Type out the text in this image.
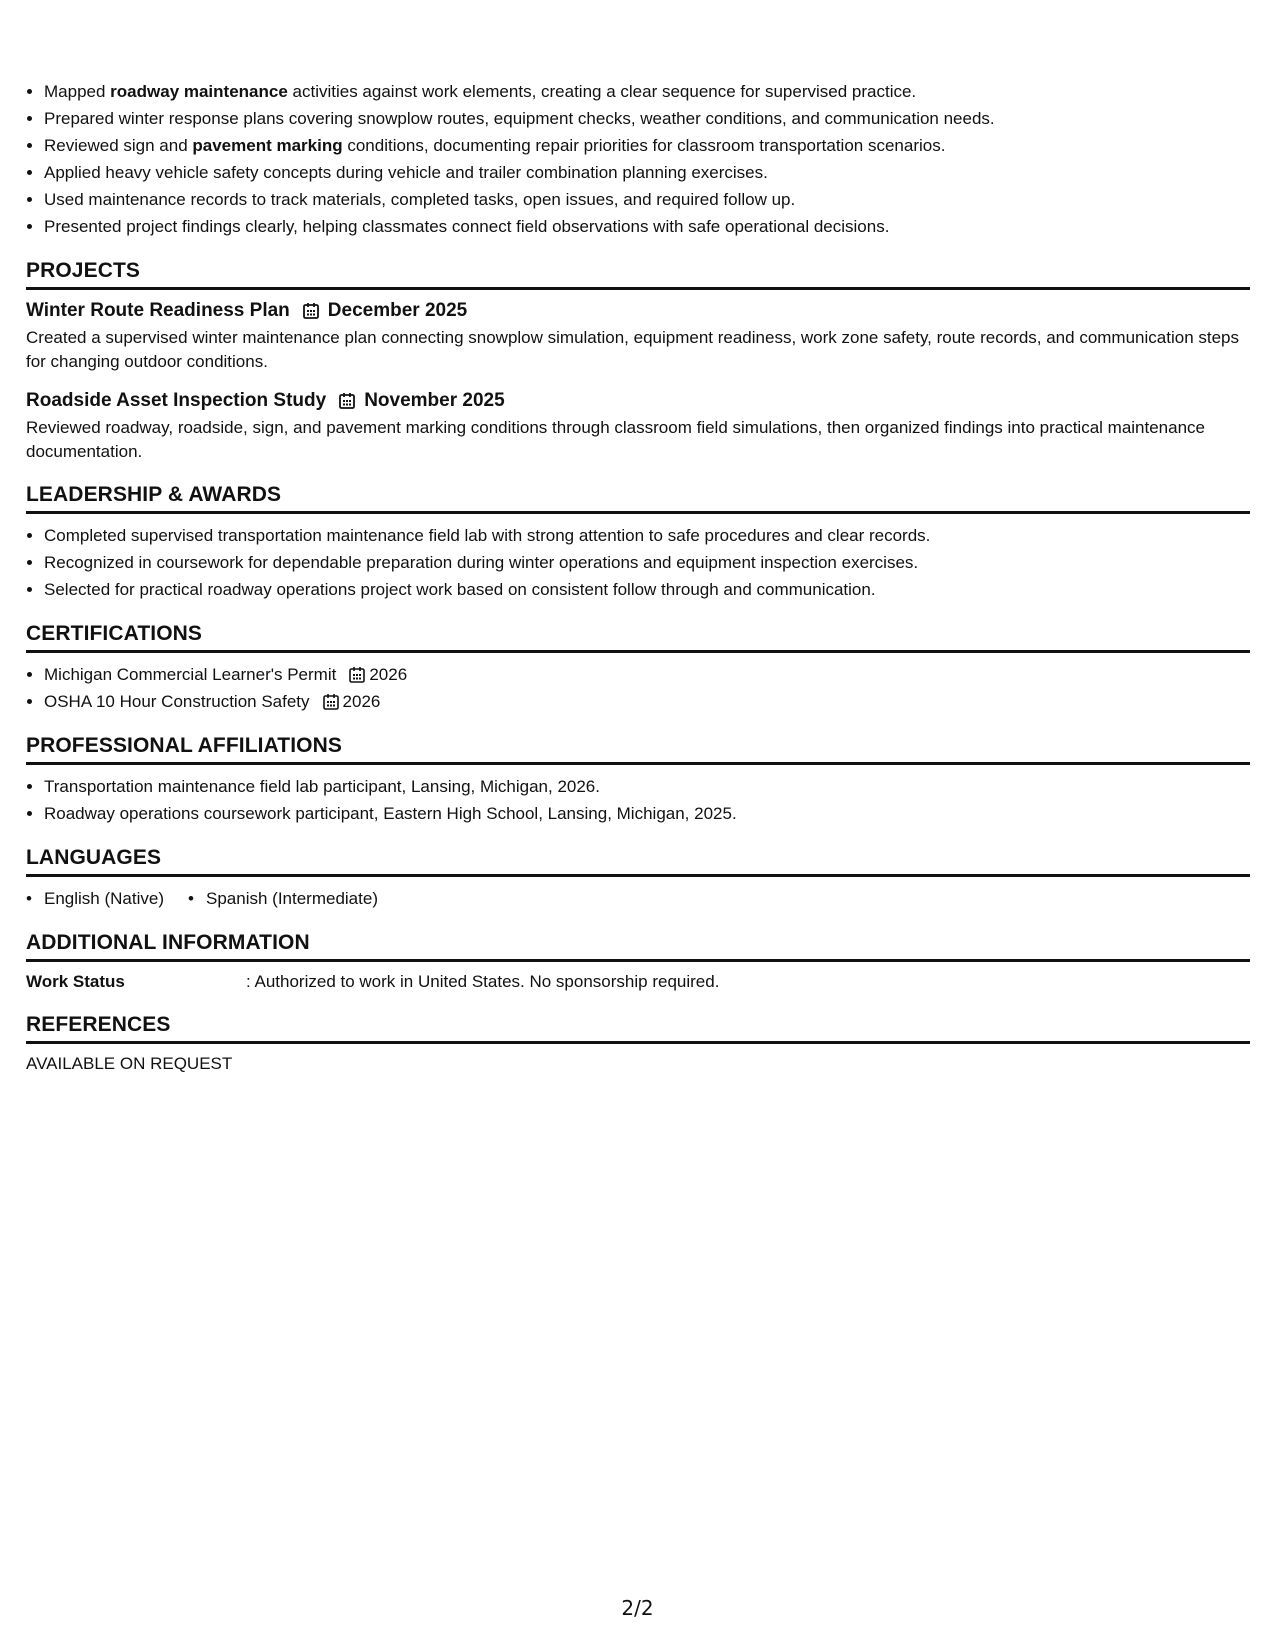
• Mapped roadway maintenance activities against work elements, creating a clear sequence for supervised practice.
• Prepared winter response plans covering snowplow routes, equipment checks, weather conditions, and communication needs.
• Reviewed sign and pavement marking conditions, documenting repair priorities for classroom transportation scenarios.
• Applied heavy vehicle safety concepts during vehicle and trailer combination planning exercises.
• Used maintenance records to track materials, completed tasks, open issues, and required follow up.
• Presented project findings clearly, helping classmates connect field observations with safe operational decisions.
PROJECTS
Winter Route Readiness Plan December 2025
Created a supervised winter maintenance plan connecting snowplow simulation, equipment readiness, work zone safety, route records, and communication steps for changing outdoor conditions.
Roadside Asset Inspection Study November 2025
Reviewed roadway, roadside, sign, and pavement marking conditions through classroom field simulations, then organized findings into practical maintenance documentation.
LEADERSHIP & AWARDS
• Completed supervised transportation maintenance field lab with strong attention to safe procedures and clear records.
• Recognized in coursework for dependable preparation during winter operations and equipment inspection exercises.
• Selected for practical roadway operations project work based on consistent follow through and communication.
CERTIFICATIONS
• Michigan Commercial Learner's Permit 2026
• OSHA 10 Hour Construction Safety 2026
PROFESSIONAL AFFILIATIONS
• Transportation maintenance field lab participant, Lansing, Michigan, 2026.
• Roadway operations coursework participant, Eastern High School, Lansing, Michigan, 2025.
LANGUAGES
• English (Native)
•	Spanish (Intermediate)
ADDITIONAL INFORMATION
Work Status	: Authorized to work in United States. No sponsorship required.
REFERENCES
AVAILABLE ON REQUEST
2/2
